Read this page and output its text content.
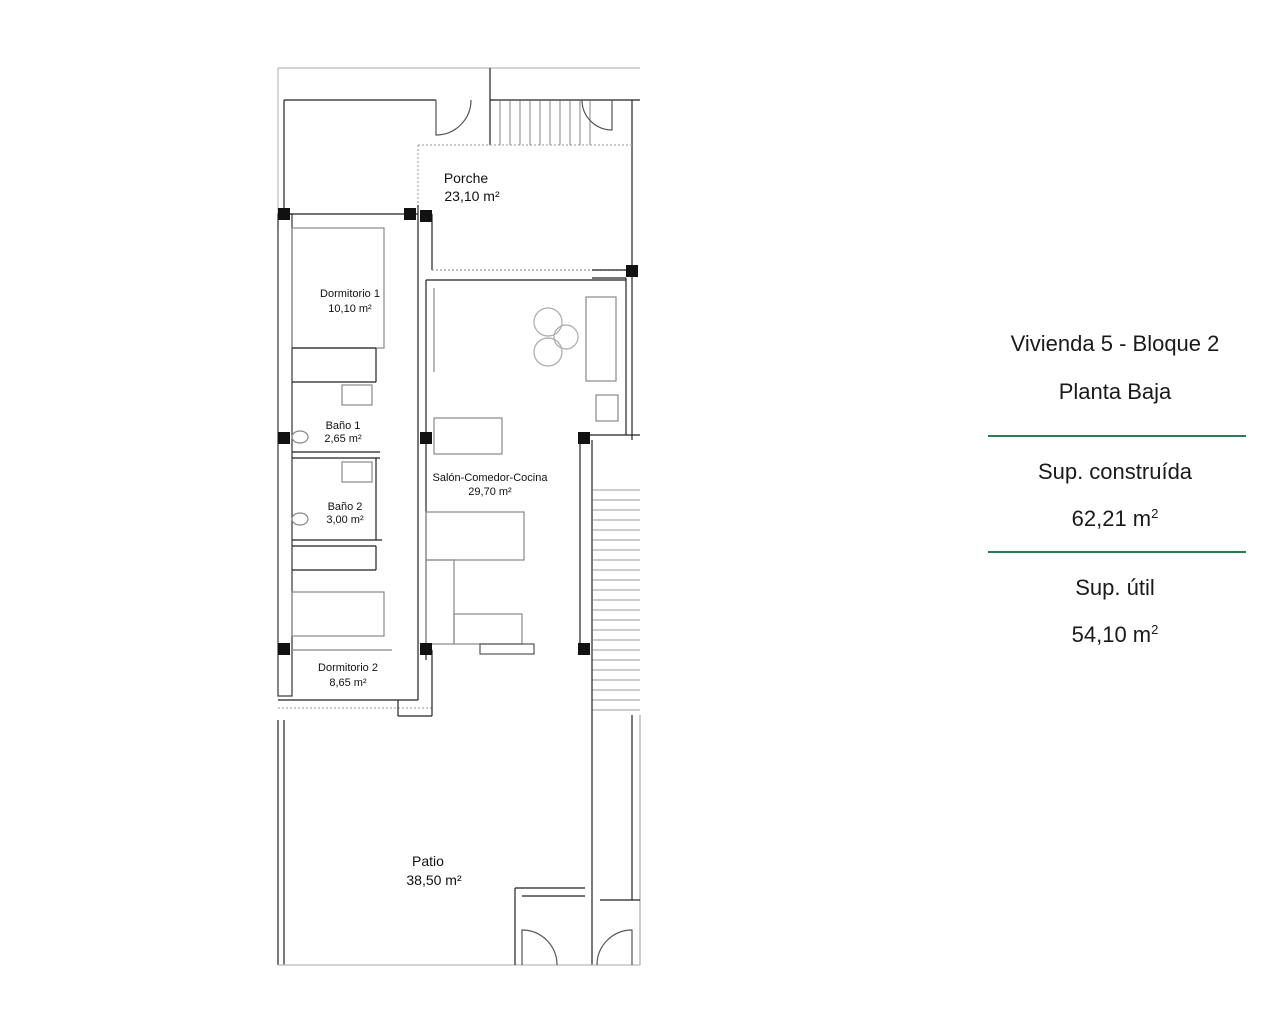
Porche
23,10 m²
Dormitorio 1
10,10 m²
Baño 1
2,65 m²
Baño 2
3,00 m²
Salón-Comedor-Cocina
29,70 m²
Dormitorio 2
8,65 m²
Patio
38,50 m²
Vivienda 5 - Bloque 2
Planta Baja
Sup. construída
62,21 $m^2$
Sup. útil
54,10 $m^2$
